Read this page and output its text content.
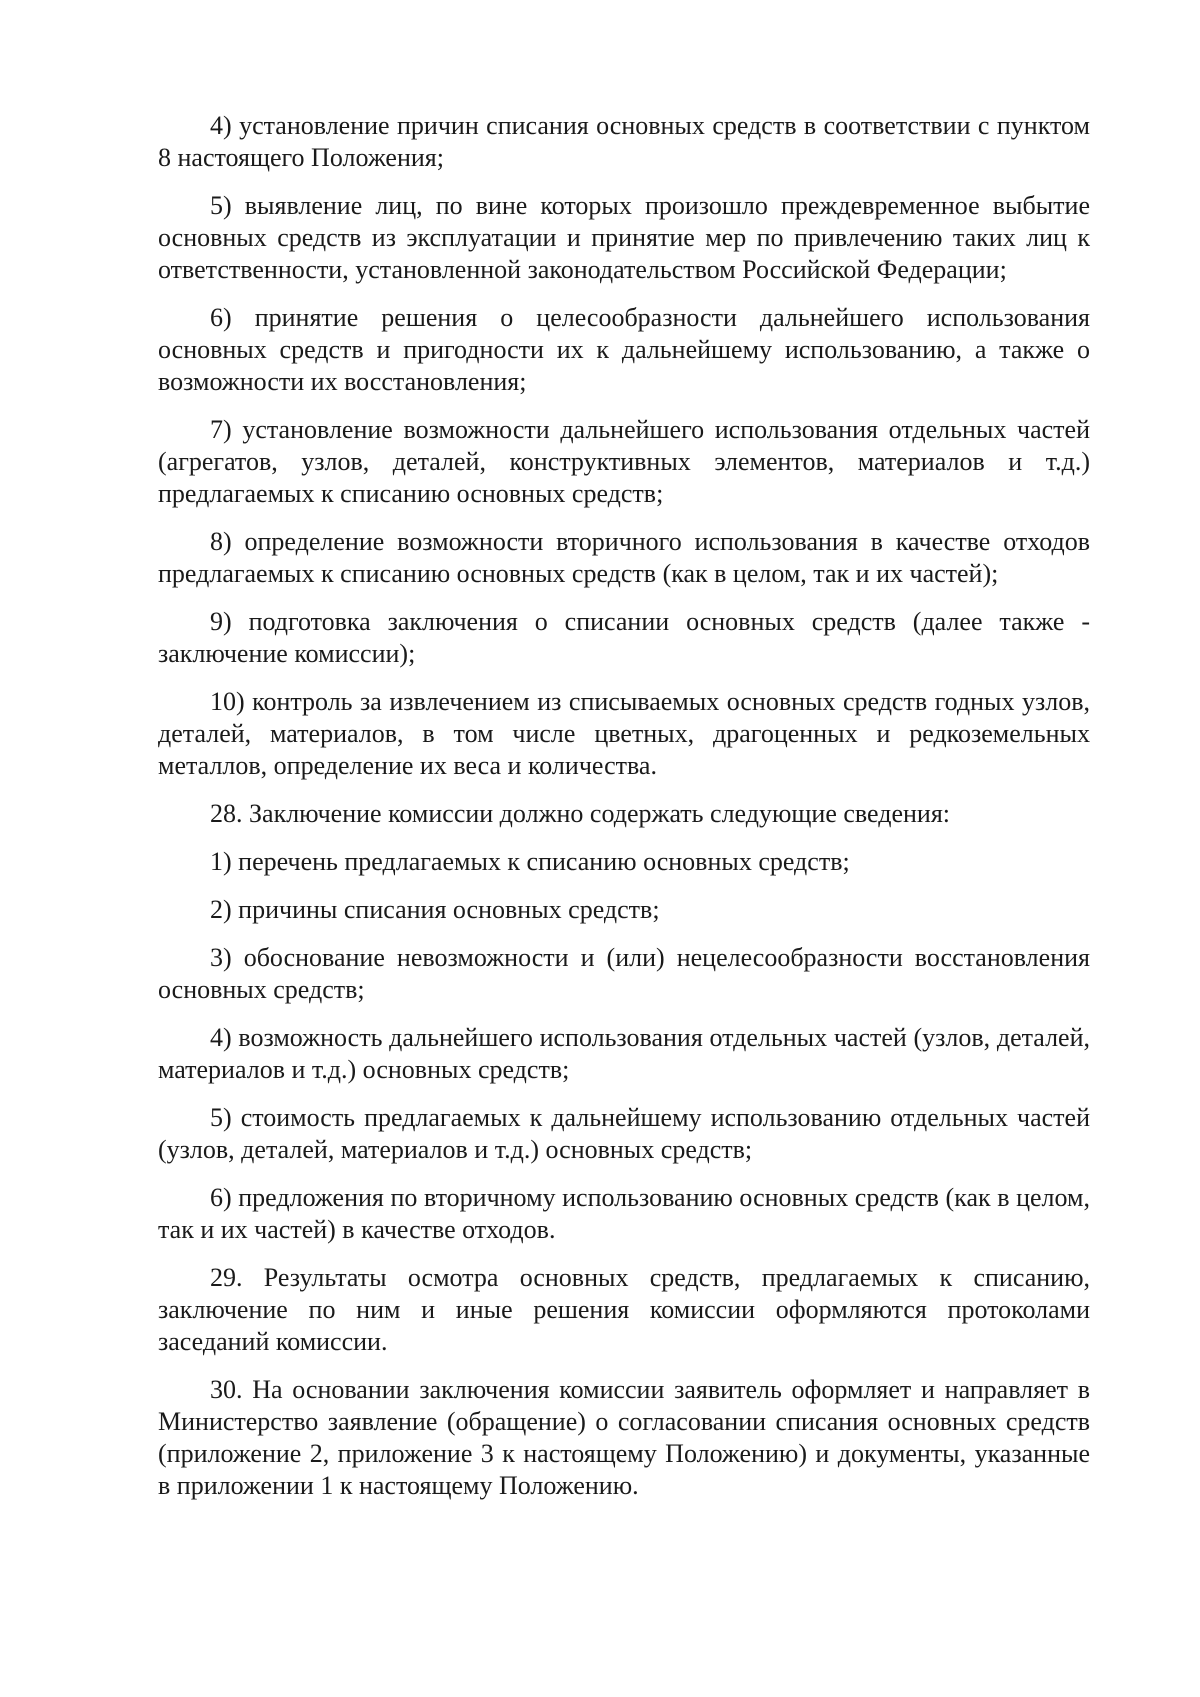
4) установление причин списания основных средств в соответствии с пунктом 8 настоящего Положения;

5) выявление лиц, по вине которых произошло преждевременное выбытие основных средств из эксплуатации и принятие мер по привлечению таких лиц к ответственности, установленной законодательством Российской Федерации;

6) принятие решения о целесообразности дальнейшего использования основных средств и пригодности их к дальнейшему использованию, а также о возможности их восстановления;

7) установление возможности дальнейшего использования отдельных частей (агрегатов, узлов, деталей, конструктивных элементов, материалов и т.д.) предлагаемых к списанию основных средств;

8) определение возможности вторичного использования в качестве отходов предлагаемых к списанию основных средств (как в целом, так и их частей);

9) подготовка заключения о списании основных средств (далее также - заключение комиссии);

10) контроль за извлечением из списываемых основных средств годных узлов, деталей, материалов, в том числе цветных, драгоценных и редкоземельных металлов, определение их веса и количества.

28. Заключение комиссии должно содержать следующие сведения:

1) перечень предлагаемых к списанию основных средств;

2) причины списания основных средств;

3) обоснование невозможности и (или) нецелесообразности восстановления основных средств;

4) возможность дальнейшего использования отдельных частей (узлов, деталей, материалов и т.д.) основных средств;

5) стоимость предлагаемых к дальнейшему использованию отдельных частей (узлов, деталей, материалов и т.д.) основных средств;

6) предложения по вторичному использованию основных средств (как в целом, так и их частей) в качестве отходов.

29. Результаты осмотра основных средств, предлагаемых к списанию, заключение по ним и иные решения комиссии оформляются протоколами заседаний комиссии.

30. На основании заключения комиссии заявитель оформляет и направляет в Министерство заявление (обращение) о согласовании списания основных средств (приложение 2, приложение 3 к настоящему Положению) и документы, указанные в приложении 1 к настоящему Положению.
